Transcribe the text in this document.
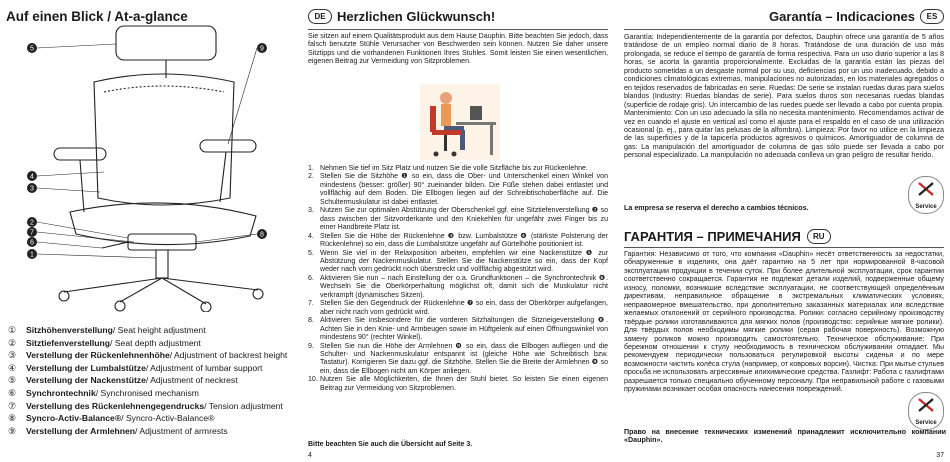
Auf einen Blick / At-a-glance
5	9
4
3
2
7
6
1
8
①	Sitzhöhenverstellung / Seat height adjustment
②	Sitztiefenverstellung / Seat depth adjustment
③	Verstellung der Rückenlehnenhöhe / Adjustment of backrest height
④	Verstellung der Lumbalstütze / Adjustment of lumbar support
⑤	Verstellung der Nackenstütze / Adjustment of neckrest
⑥	Synchrontechnik / Synchronised mechanism
⑦	Verstellung des Rückenlehnengegendrucks / Tension adjustment
⑧	Syncro-Activ-Balance® / Syncro-Activ-Balance®
⑨	Verstellung der Armlehnen / Adjustment of armrests
DE Herzlichen Glückwunsch!
Sie sitzen auf einem Qualitätsprodukt aus dem Hause Dauphin. Bitte beachten Sie jedoch, dass falsch benutzte Stühle Verursacher von Beschwerden sein können. Nutzen Sie daher unsere Sitztipps und die vorhandenen Funktionen Ihres Stuhles. Somit leisten Sie einen wesentlichen, eigenen Beitrag zur Vermeidung von Sitzproblemen.
1. Nehmen Sie tief im Sitz Platz und nutzen Sie die volle Sitzfläche bis zur Rückenlehne.
2. Stellen Sie die Sitzhöhe ❶ so ein, dass die Ober- und Unterschenkel einen Winkel von mindestens (besser: größer) 90° zueinander bilden. Die Füße stehen dabei entlastet und vollflächig auf dem Boden. Die Ellbogen liegen auf der Schreibtischoberfläche auf. Die Schultermuskulatur ist dabei entlastet.
3. Nutzen Sie zur optimalen Abstützung der Oberschenkel ggf. eine Sitztiefenverstellung ❷ so dass zwischen der Sitzvorderkante und den Kniekehlen für ungefähr zwei Finger bis zu einer Handbreite Platz ist.
4. Stellen Sie die Höhe der Rückenlehne ❸ bzw. Lumbalstütze ❹ (stärkste Polsterung der Rückenlehne) so ein, dass die Lumbalstütze ungefähr auf Gürtelhöhe positioniert ist.
5. Wenn Sie viel in der Relaxposition arbeiten, empfehlen wir eine Nackenstütze ❺ zur Abstützung der Nackenmuskulatur. Stellen Sie die Nackenstütze so ein, dass der Kopf weder nach vorn gedrückt noch überstreckt und vollflächig abgestützt wird.
6. Aktivieren Sie nun – nach Einstellung der o.a. Grundfunktionen – die Synchrontechnik ❻. Wechseln Sie die Oberkörperhaltung möglichst oft, damit sich die Muskulatur nicht verkrampft (dynamisches Sitzen).
7. Stellen Sie den Gegendruck der Rückenlehne ❼ so ein, dass der Oberkörper aufgefangen, aber nicht nach vorn gedrückt wird.
8. Aktivieren Sie insbesondere für die vorderen Sitzhaltungen die Sitzneigeverstellung ❽. Achten Sie in den Knie- und Armbeugen sowie im Hüftgelenk auf einen Öffnungswinkel von mindestens 90° (rechter Winkel).
9. Stellen Sie nun die Höhe der Armlehnen ❾ so ein, dass die Ellbogen aufliegen und die Schulter- und Nackenmuskulatur entspannt ist (gleiche Höhe wie Schreibtisch bzw. Tastatur). Korrigieren Sie dazu ggf. die Sitzhöhe. Stellen Sie die Breite der Armlehnen ❾ so ein, dass die Ellbogen nicht am Körper anliegen.
10. Nutzen Sie alle Möglichkeiten, die Ihnen der Stuhl bietet. So leisten Sie einen eigenen Beitrag zur Vermeidung von Sitzproblemen.
Bitte beachten Sie auch die Übersicht auf Seite 3.
4
Garantía – Indicaciones	ES
Garantía: Independientemente de la garantía por defectos, Dauphin ofrece una garantía de 5 años tratándose de un empleo normal diario de 8 horas. Tratándose de una duración de uso más prolongada, se reduce el tiempo de garantía de forma respectiva. Para un uso diario superior a las 8 horas, se acorta la garantía proporcionalmente. Excluidas de la garantía están las piezas del producto sometidas a un desgaste normal por su uso, deficiencias por un uso inadecuado, debido a condiciones climatológicas extremas, manipulaciones no autorizadas, en los materiales agregados o en tejidos reservados de fabricadas en serie. Ruedas: De serie se instalan ruedas duras para suelos blandos (Industry: Ruedas blandas de serie). Para suelos duros son necesarias ruedas blandas (superficie de rodaje gris). Un intercambio de las ruedes puede ser llevado a cabo por cuenta propia. Mantenimiento: Con un uso adecuado la silla no necesita mantenimiento. Recomendamos activar de vez en cuando el ajuste en vertical así como el ajuste para el respaldo en el caso de una utilización ocasional (p. ej., para quitar las pelusas de la alfombra). Limpieza: Por favor no utilice en la limpieza de las superficies y de la tapicería productos agresivos o químicos. Amortiguador de columna de gas: La manipulación del amortiguador de columna de gas sólo puede ser llevada a cabo por personal especializado. La manipulación no adecuada conlleva un gran peligro de resultar herido.
La empresa se reserva el derecho a cambios técnicos.	Service
ГАРАНТИЯ – ПРИМЕЧАНИЯ	RU
Гарантия: Независимо от того, что компания «Dauphin» несёт ответственность за недостатки, обнаруженные в изделиях, она даёт гарантию на 5 лет при нормированной 8-часовой эксплуатации продукции в течении суток. При более длительной эксплуатации, срок гарантии соответственно сокращается. Гарантия не подлежат детали изделий, подверженные общему износу, поломки, возникшие вследствие эксплуатации, не соответствующей определённым директивам, неправильное обращение в экстремальных климатических условиях, неправомерное вмешательство, при дополнительно заказанных материалах или вследствие желаемых отклонений от серийного производства. Ролики: согласно серийному производству твёрдые ролики изготавливаются для мягких полов (производство: серийные мягкие ролики). Для твёрдых полов необходимы мягкие ролики (серая рабочая поверхность). Возможную замену роликов можно производить самостоятельно. Техническое обслуживание: При бережном отношении к стулу необходимость в техническом обслуживании отпадает. Мы рекомендуем периодически пользоваться регулировкой высоты сиденья и по мере возможности чистить колёса стула (например, от ковровых ворсин). Чистка: При мытье стульев просьба не использовать агрессивные илихимические средства. Газлифт: Работа с газлифтами разрешается только специально обученному персоналу. При неправильной работе с газовыми пружинами возникает особая опасность нанесения повреждений.
Право на внесение технических изменений принадлежит исключительно компании «Dauphin».
Service
37
